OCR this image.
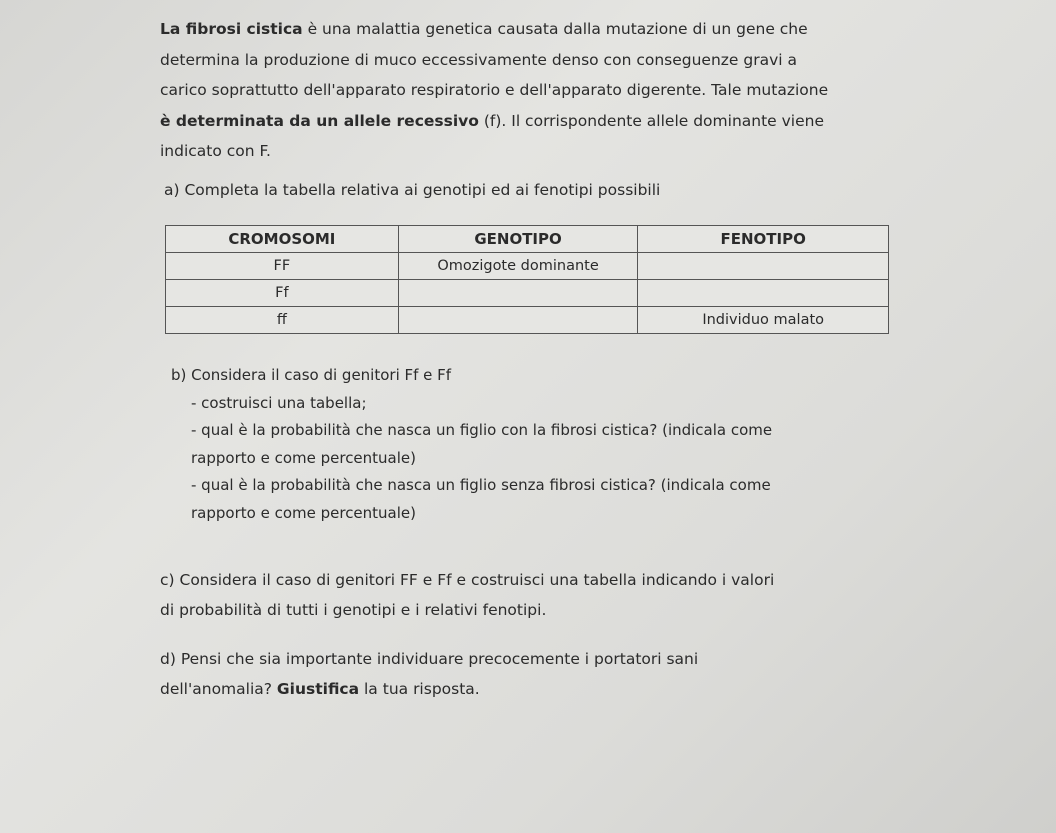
La fibrosi cistica è una malattia genetica causata dalla mutazione di un gene che
determina la produzione di muco eccessivamente denso con conseguenze gravi a
carico soprattutto dell'apparato respiratorio e dell'apparato digerente. Tale mutazione
è determinata da un allele recessivo (f). Il corrispondente allele dominante viene
indicato con F.

a) Completa la tabella relativa ai genotipi ed ai fenotipi possibili

CROMOSOMI	GENOTIPO	FENOTIPO
FF	Omozigote dominante	
Ff		
ff		Individuo malato

b) Considera il caso di genitori Ff e Ff
- costruisci una tabella;
- qual è la probabilità che nasca un figlio con la fibrosi cistica? (indicala come
rapporto e come percentuale)
- qual è la probabilità che nasca un figlio senza fibrosi cistica? (indicala come
rapporto e come percentuale)

c) Considera il caso di genitori FF e Ff e costruisci una tabella indicando i valori
di probabilità di tutti i genotipi e i relativi fenotipi.

d) Pensi che sia importante individuare precocemente i portatori sani
dell'anomalia? Giustifica la tua risposta.
